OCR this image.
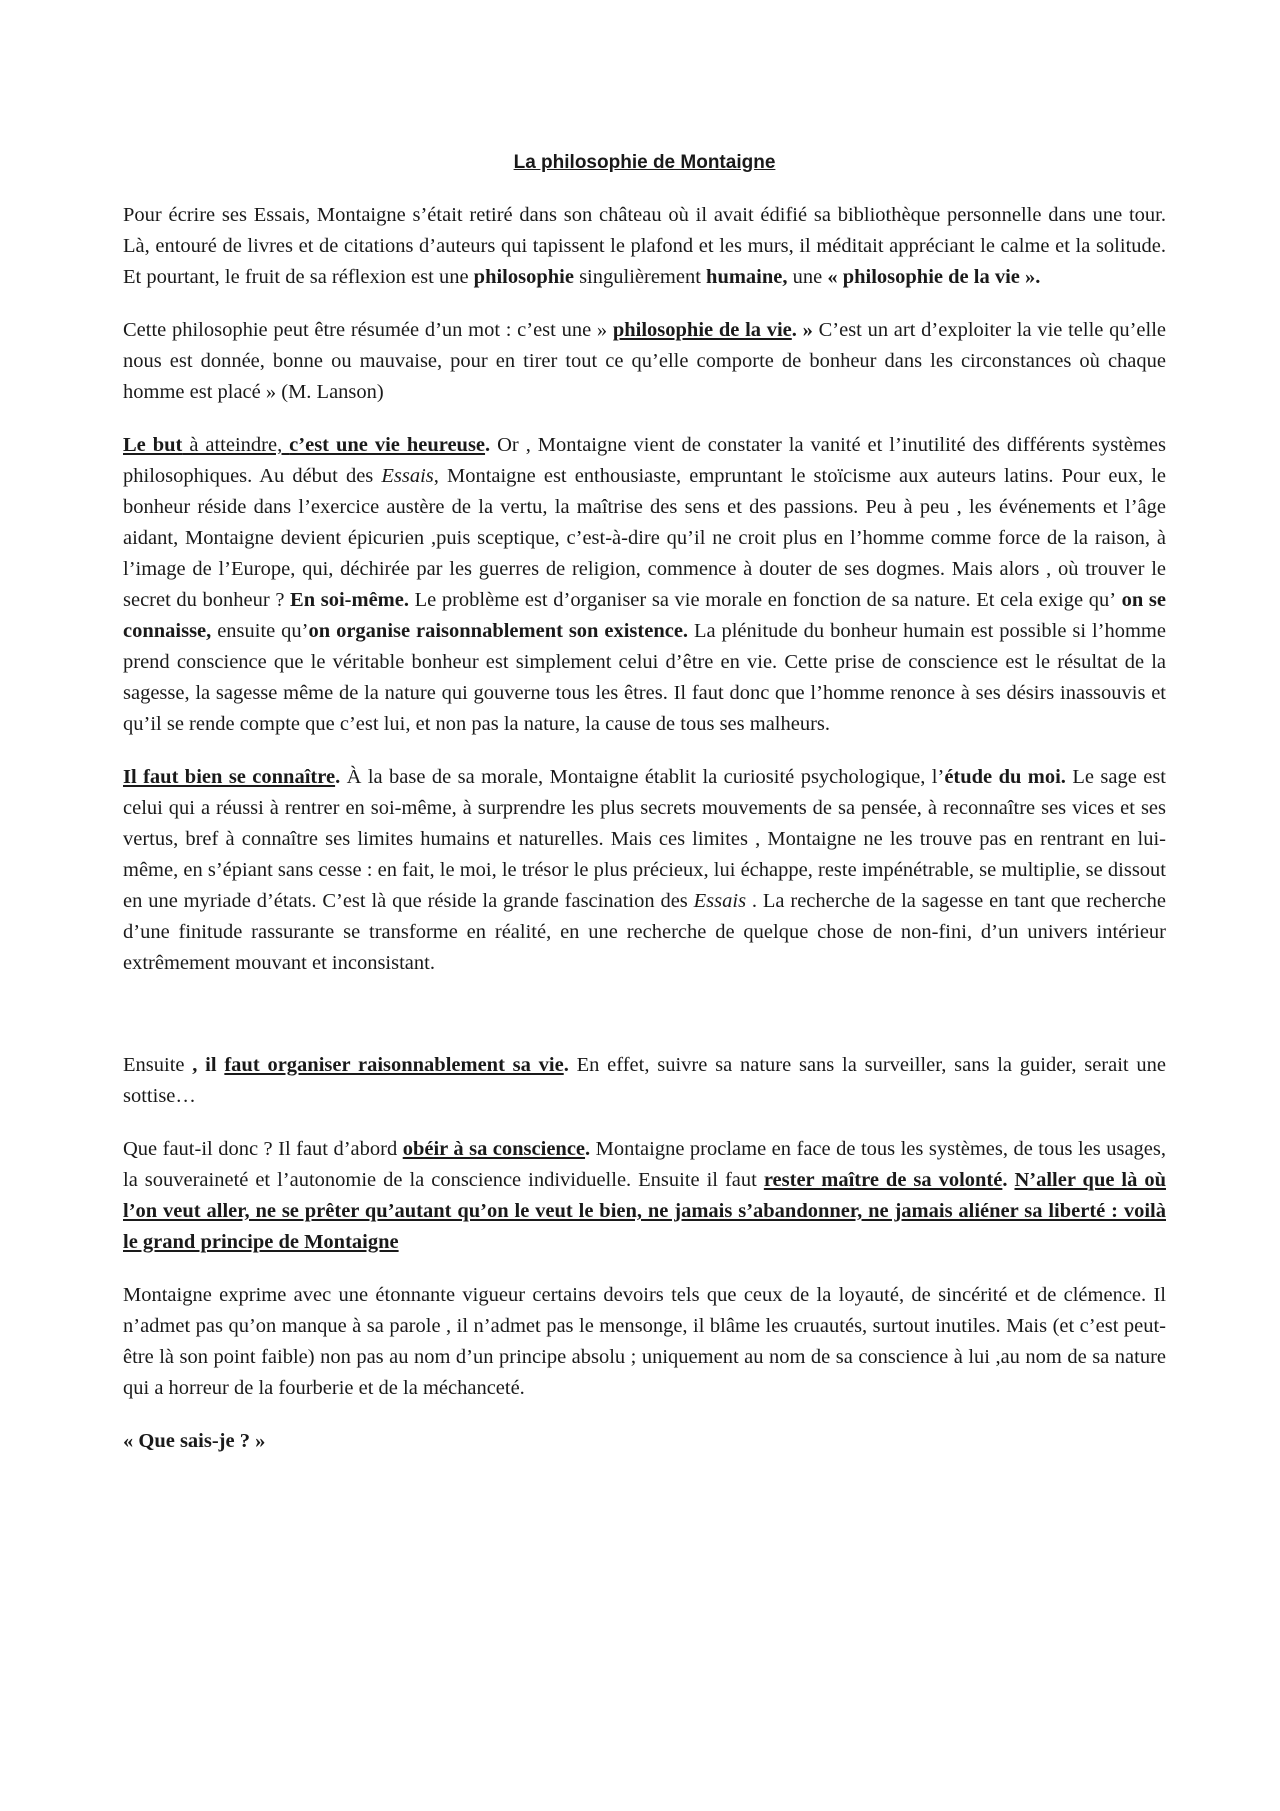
La philosophie de Montaigne

Pour écrire ses Essais, Montaigne s’était retiré dans son château où il avait édifié sa bibliothèque personnelle dans une tour. Là, entouré de livres et de citations d’auteurs qui tapissent le plafond et les murs, il méditait appréciant le calme et la solitude. Et pourtant, le fruit de sa réflexion est une philosophie singulièrement humaine, une « philosophie de la vie ».

Cette philosophie peut être résumée d’un mot : c’est une » philosophie de la vie. » C’est un art d’exploiter la vie telle qu’elle nous est donnée, bonne ou mauvaise, pour en tirer tout ce qu’elle comporte de bonheur dans les circonstances où chaque homme est placé » (M. Lanson)

Le but à atteindre, c’est une vie heureuse. Or , Montaigne vient de constater la vanité et l’inutilité des différents systèmes philosophiques. Au début des Essais, Montaigne est enthousiaste, empruntant le stoïcisme aux auteurs latins. Pour eux, le bonheur réside dans l’exercice austère de la vertu, la maîtrise des sens et des passions. Peu à peu , les événements et l’âge aidant, Montaigne devient épicurien ,puis sceptique, c’est-à-dire qu’il ne croit plus en l’homme comme force de la raison, à l’image de l’Europe, qui, déchirée par les guerres de religion, commence à douter de ses dogmes. Mais alors , où trouver le secret du bonheur ? En soi-même. Le problème est d’organiser sa vie morale en fonction de sa nature. Et cela exige qu’ on se connaisse, ensuite qu’on organise raisonnablement son existence. La plénitude du bonheur humain est possible si l’homme prend conscience que le véritable bonheur est simplement celui d’être en vie. Cette prise de conscience est le résultat de la sagesse, la sagesse même de la nature qui gouverne tous les êtres. Il faut donc que l’homme renonce à ses désirs inassouvis et qu’il se rende compte que c’est lui, et non pas la nature, la cause de tous ses malheurs.

Il faut bien se connaître. À la base de sa morale, Montaigne établit la curiosité psychologique, l’étude du moi. Le sage est celui qui a réussi à rentrer en soi-même, à surprendre les plus secrets mouvements de sa pensée, à reconnaître ses vices et ses vertus, bref à connaître ses limites humains et naturelles. Mais ces limites , Montaigne ne les trouve pas en rentrant en lui-même, en s’épiant sans cesse : en fait, le moi, le trésor le plus précieux, lui échappe, reste impénétrable, se multiplie, se dissout en une myriade d’états. C’est là que réside la grande fascination des Essais . La recherche de la sagesse en tant que recherche d’une finitude rassurante se transforme en réalité, en une recherche de quelque chose de non-fini, d’un univers intérieur extrêmement mouvant et inconsistant.

Ensuite , il faut organiser raisonnablement sa vie. En effet, suivre sa nature sans la surveiller, sans la guider, serait une sottise…

Que faut-il donc ? Il faut d’abord obéir à sa conscience. Montaigne proclame en face de tous les systèmes, de tous les usages, la souveraineté et l’autonomie de la conscience individuelle. Ensuite il faut rester maître de sa volonté. N’aller que là où l’on veut aller, ne se prêter qu’autant qu’on le veut le bien, ne jamais s’abandonner, ne jamais aliéner sa liberté : voilà le grand principe de Montaigne

Montaigne exprime avec une étonnante vigueur certains devoirs tels que ceux de la loyauté, de sincérité et de clémence. Il n’admet pas qu’on manque à sa parole , il n’admet pas le mensonge, il blâme les cruautés, surtout inutiles. Mais (et c’est peut-être là son point faible) non pas au nom d’un principe absolu ; uniquement au nom de sa conscience à lui ,au nom de sa nature qui a horreur de la fourberie et de la méchanceté.

« Que sais-je ? »
